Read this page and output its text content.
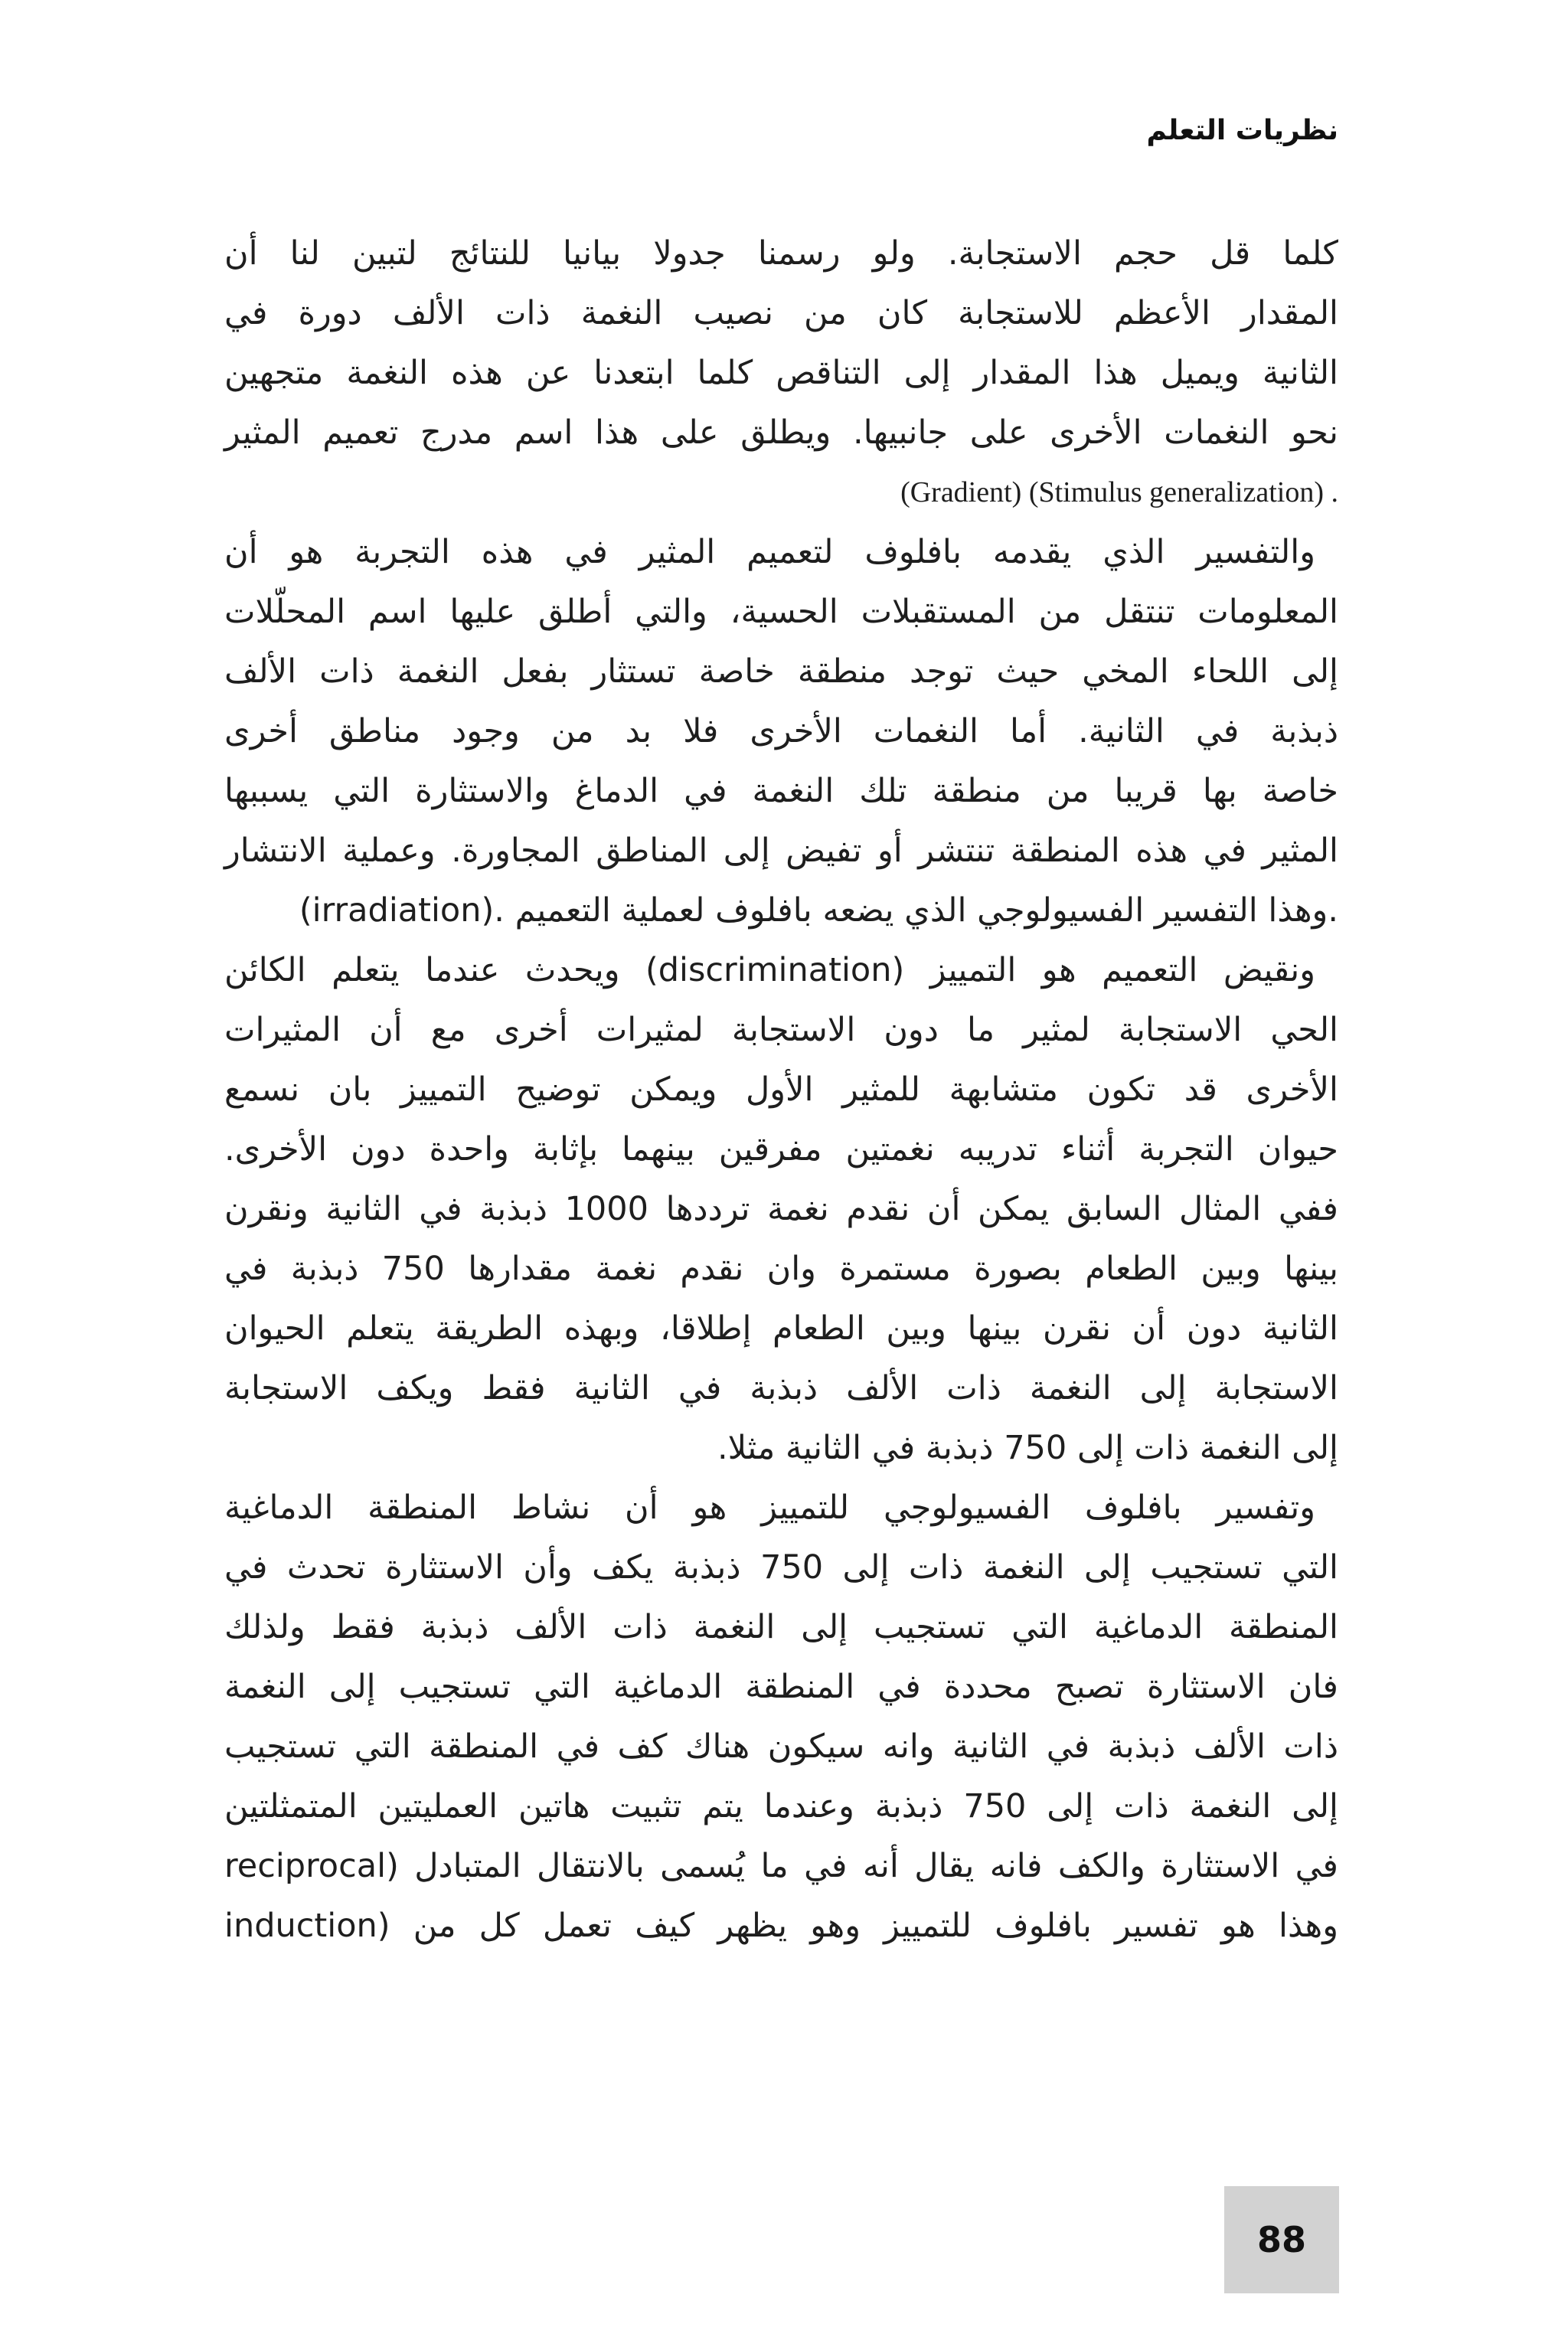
نظريات التعلم
كلما قل حجم الاستجابة. ولو رسمنا جدولا بيانيا للنتائج لتبين لنا أن
المقدار الأعظم للاستجابة كان من نصيب النغمة ذات الألف دورة في
الثانية ويميل هذا المقدار إلى التناقص كلما ابتعدنا عن هذه النغمة متجهين
نحو النغمات الأخرى على جانبيها. ويطلق على هذا اسم مدرج تعميم المثير
(Gradient) (Stimulus generalization) .
والتفسير الذي يقدمه بافلوف لتعميم المثير في هذه التجربة هو أن
المعلومات تنتقل من المستقبلات الحسية، والتي أطلق عليها اسم المحلّلات
إلى اللحاء المخي حيث توجد منطقة خاصة تستثار بفعل النغمة ذات الألف
ذبذبة في الثانية. أما النغمات الأخرى فلا بد من وجود مناطق أخرى
خاصة بها قريبا من منطقة تلك النغمة في الدماغ والاستثارة التي يسببها
المثير في هذه المنطقة تنتشر أو تفيض إلى المناطق المجاورة. وعملية الانتشار
(irradiation). وهذا التفسير الفسيولوجي الذي يضعه بافلوف لعملية التعميم.
ونقيض التعميم هو التمييز (discrimination) ويحدث عندما يتعلم الكائن
الحي الاستجابة لمثير ما دون الاستجابة لمثيرات أخرى مع أن المثيرات
الأخرى قد تكون متشابهة للمثير الأول ويمكن توضيح التمييز بان نسمع
حيوان التجربة أثناء تدريبه نغمتين مفرقين بينهما بإثابة واحدة دون الأخرى.
ففي المثال السابق يمكن أن نقدم نغمة ترددها 1000 ذبذبة في الثانية ونقرن
بينها وبين الطعام بصورة مستمرة وان نقدم نغمة مقدارها 750 ذبذبة في
الثانية دون أن نقرن بينها وبين الطعام إطلاقا، وبهذه الطريقة يتعلم الحيوان
الاستجابة إلى النغمة ذات الألف ذبذبة في الثانية فقط ويكف الاستجابة
إلى النغمة ذات إلى 750 ذبذبة في الثانية مثلا.
وتفسير بافلوف الفسيولوجي للتمييز هو أن نشاط المنطقة الدماغية
التي تستجيب إلى النغمة ذات إلى 750 ذبذبة يكف وأن الاستثارة تحدث في
المنطقة الدماغية التي تستجيب إلى النغمة ذات الألف ذبذبة فقط ولذلك
فان الاستثارة تصبح محددة في المنطقة الدماغية التي تستجيب إلى النغمة
ذات الألف ذبذبة في الثانية وانه سيكون هناك كف في المنطقة التي تستجيب
إلى النغمة ذات إلى 750 ذبذبة وعندما يتم تثبيت هاتين العمليتين المتمثلتين
في الاستثارة والكف فانه يقال أنه في ما يُسمى بالانتقال المتبادل (reciprocal
induction) وهذا هو تفسير بافلوف للتمييز وهو يظهر كيف تعمل كل من
88
